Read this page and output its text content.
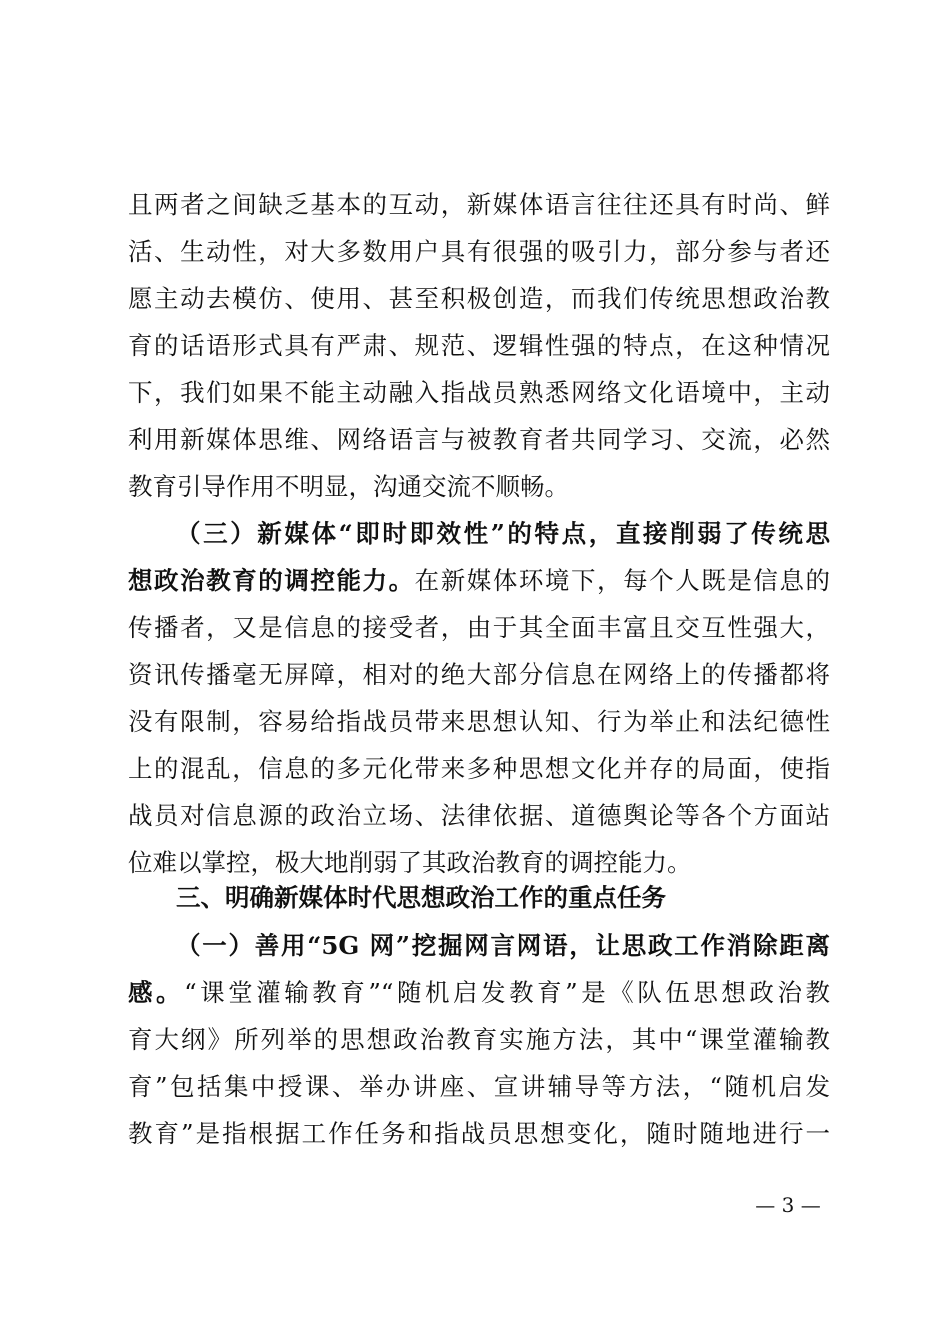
且两者之间缺乏基本的互动，新媒体语言往往还具有时尚、鲜
活、生动性，对大多数用户具有很强的吸引力，部分参与者还
愿主动去模仿、使用、甚至积极创造，而我们传统思想政治教
育的话语形式具有严肃、规范、逻辑性强的特点，在这种情况
下，我们如果不能主动融入指战员熟悉网络文化语境中，主动
利用新媒体思维、网络语言与被教育者共同学习、交流，必然
教育引导作用不明显，沟通交流不顺畅。
（三）新媒体“即时即效性”的特点，直接削弱了传统思
想政治教育的调控能力。在新媒体环境下，每个人既是信息的
传播者，又是信息的接受者，由于其全面丰富且交互性强大，
资讯传播毫无屏障，相对的绝大部分信息在网络上的传播都将
没有限制，容易给指战员带来思想认知、行为举止和法纪德性
上的混乱，信息的多元化带来多种思想文化并存的局面，使指
战员对信息源的政治立场、法律依据、道德舆论等各个方面站
位难以掌控，极大地削弱了其政治教育的调控能力。
三、明确新媒体时代思想政治工作的重点任务
（一）善用“5G 网”挖掘网言网语，让思政工作消除距离
感。“课堂灌输教育”“随机启发教育”是《队伍思想政治教
育大纲》所列举的思想政治教育实施方法，其中“课堂灌输教
育”包括集中授课、举办讲座、宣讲辅导等方法，“随机启发
教育”是指根据工作任务和指战员思想变化，随时随地进行一
— 3 —
